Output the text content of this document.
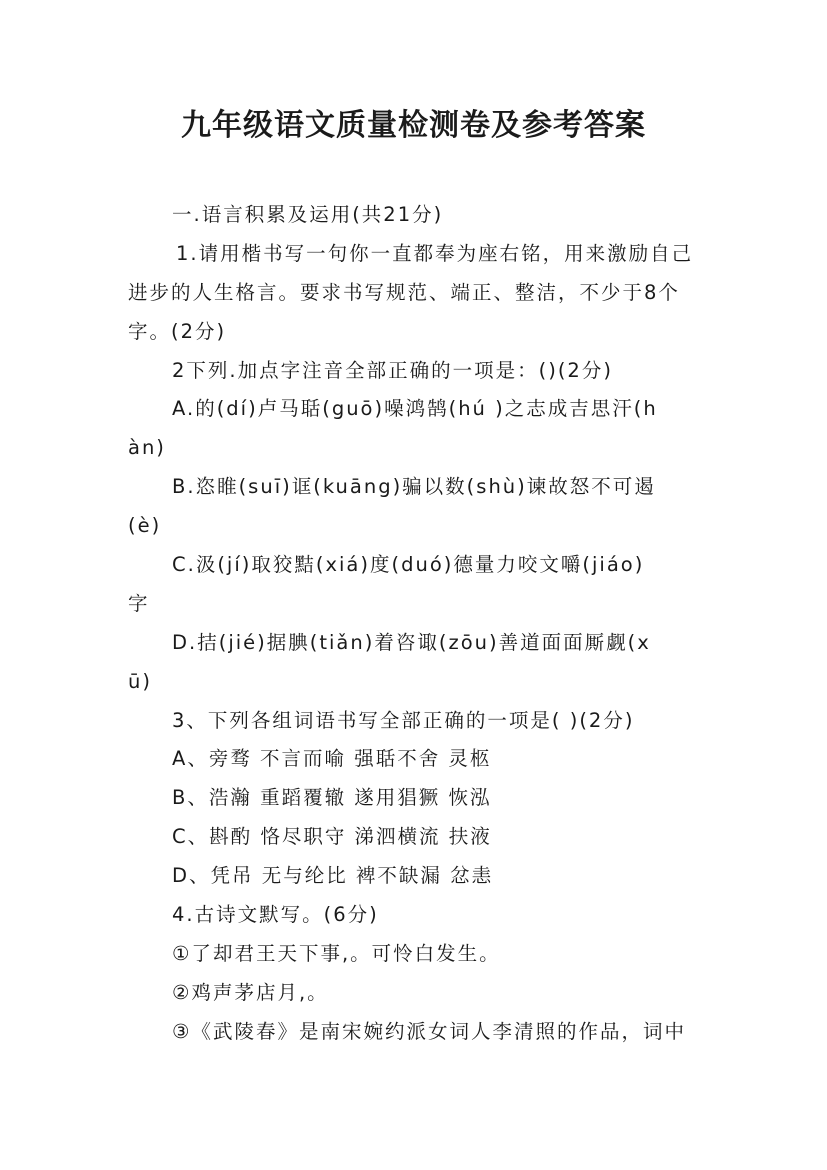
九年级语文质量检测卷及参考答案
一.语言积累及运用(共21分)
1.请用楷书写一句你一直都奉为座右铭，用来激励自己
进步的人生格言。要求书写规范、端正、整洁，不少于8个
字。(2分)
2下列.加点字注音全部正确的一项是：()(2分)
A.的(dí)卢马聒(guō)噪鸿鹄(hú )之志成吉思汗(h
àn)
B.恣睢(suī)诓(kuāng)骗以数(shù)谏故怒不可遏
(è)
C.汲(jí)取狡黠(xiá)度(duó)德量力咬文嚼(jiáo)
字
D.拮(jié)据腆(tiǎn)着咨诹(zōu)善道面面厮觑(x
ū)
3、下列各组词语书写全部正确的一项是( )(2分)
A、旁骛 不言而喻 强聒不舍 灵柩
B、浩瀚 重蹈覆辙 遂用猖獗 恢泓
C、斟酌 恪尽职守 涕泗横流 扶液
D、凭吊 无与纶比 裨不缺漏 忿恚
4.古诗文默写。(6分)
①了却君王天下事,。可怜白发生。
②鸡声茅店月,。
③《武陵春》是南宋婉约派女词人李清照的作品，词中
